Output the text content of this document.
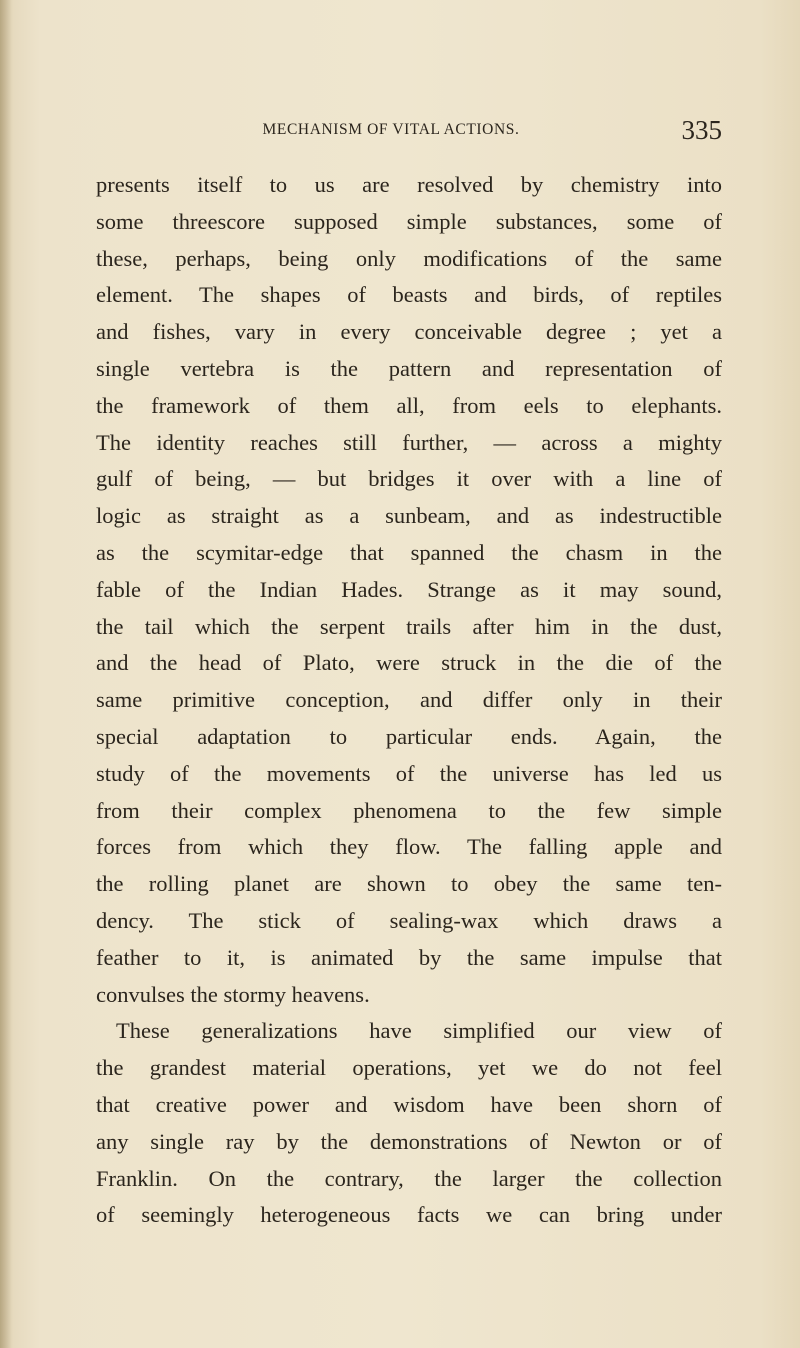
MECHANISM OF VITAL ACTIONS.	335
presents itself to us are resolved by chemistry into
some threescore supposed simple substances, some of
these, perhaps, being only modifications of the same
element. The shapes of beasts and birds, of reptiles
and fishes, vary in every conceivable degree ; yet a
single vertebra is the pattern and representation of
the framework of them all, from eels to elephants.
The identity reaches still further, — across a mighty
gulf of being, — but bridges it over with a line of
logic as straight as a sunbeam, and as indestructible
as the scymitar-edge that spanned the chasm in the
fable of the Indian Hades. Strange as it may sound,
the tail which the serpent trails after him in the dust,
and the head of Plato, were struck in the die of the
same primitive conception, and differ only in their
special adaptation to particular ends. Again, the
study of the movements of the universe has led us
from their complex phenomena to the few simple
forces from which they flow. The falling apple and
the rolling planet are shown to obey the same ten-
dency. The stick of sealing-wax which draws a
feather to it, is animated by the same impulse that
convulses the stormy heavens.
These generalizations have simplified our view of
the grandest material operations, yet we do not feel
that creative power and wisdom have been shorn of
any single ray by the demonstrations of Newton or of
Franklin. On the contrary, the larger the collection
of seemingly heterogeneous facts we can bring under
